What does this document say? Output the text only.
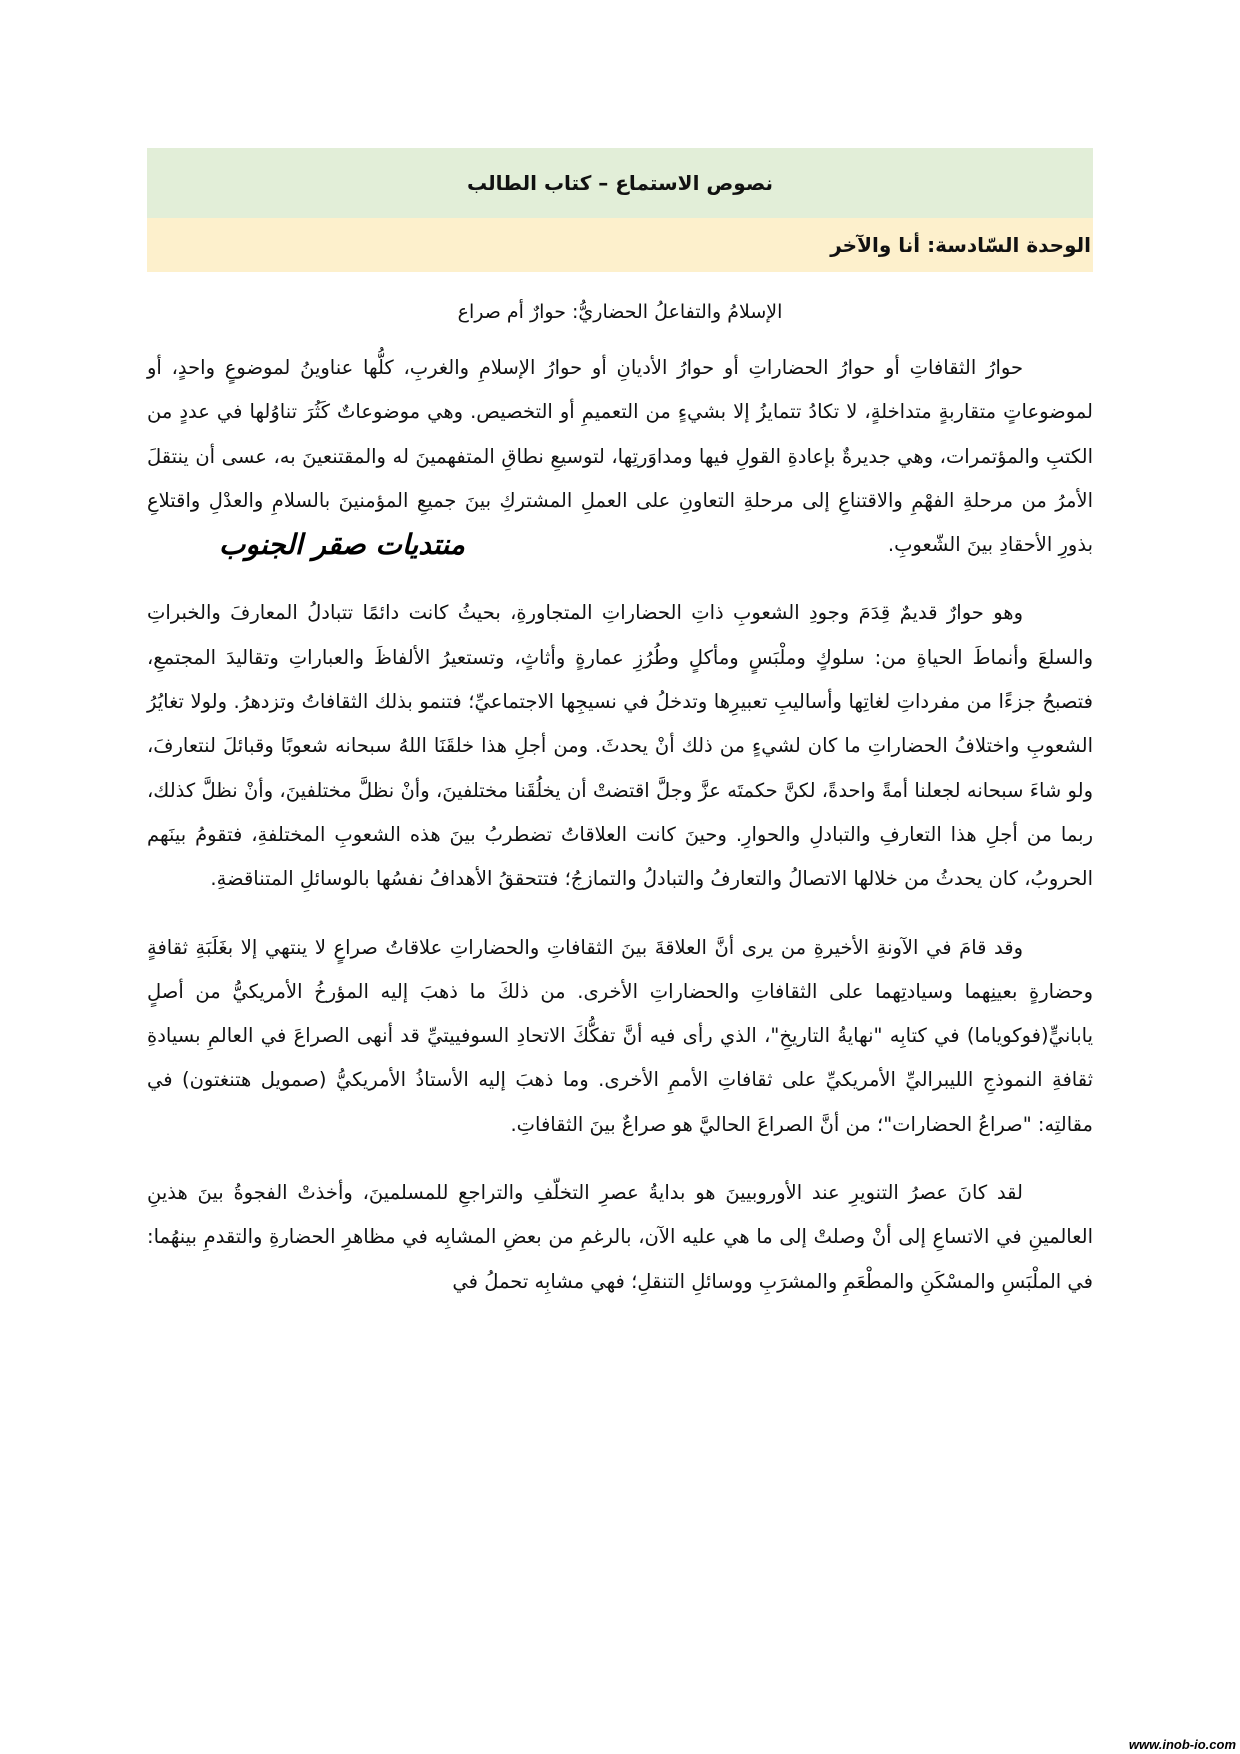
نصوص الاستماع – كتاب الطالب
الوحدة السّادسة: أنا والآخر
الإسلامُ والتفاعلُ الحضاريُّ: حوارٌ أم صراع

حوارُ الثقافاتِ أو حوارُ الحضاراتِ أو حوارُ الأديانِ أو حوارُ الإسلامِ والغربِ، كلُّها عناوينُ لموضوعٍ واحدٍ، أو لموضوعاتٍ متقاربةٍ متداخلةٍ، لا تكادُ تتمايزُ إلا بشيءٍ من التعميمِ أو التخصيص. وهي موضوعاتٌ كَثُرَ تناوُلها في عددٍ من الكتبِ والمؤتمرات، وهي جديرةٌ بإعادةِ القولِ فيها ومداوَرتِها، لتوسيعِ نطاقِ المتفهمينَ له والمقتنعينَ به، عسى أن ينتقلَ الأمرُ من مرحلةِ الفهْمِ والاقتناعِ إلى مرحلةِ التعاونِ على العملِ المشتركِ بينَ جميعِ المؤمنينَ بالسلامِ والعدْلِ واقتلاعِ بذورِ الأحقادِ بينَ الشّعوبِ.
منتديات صقر الجنوب

وهو حوارٌ قديمٌ قِدَمَ وجودِ الشعوبِ ذاتِ الحضاراتِ المتجاورةِ، بحيثُ كانت دائمًا تتبادلُ المعارفَ والخبراتِ والسلعَ وأنماطَ الحياةِ من: سلوكٍ وملْبَسٍ ومأكلٍ وطُرُزِ عمارةٍ وأثاثٍ، وتستعيرُ الألفاظَ والعباراتِ وتقاليدَ المجتمعِ، فتصبحُ جزءًا من مفرداتِ لغاتِها وأساليبِ تعبيرِها وتدخلُ في نسيجِها الاجتماعيِّ؛ فتنمو بذلك الثقافاتُ وتزدهرُ. ولولا تغايُرُ الشعوبِ واختلافُ الحضاراتِ ما كان لشيءٍ من ذلك أنْ يحدثَ. ومن أجلِ هذا خلقَنَا اللهُ سبحانه شعوبًا وقبائلَ لنتعارفَ، ولو شاءَ سبحانه لجعلنا أمةً واحدةً، لكنَّ حكمتَه عزَّ وجلَّ اقتضتْ أن يخلُقَنا مختلفينَ، وأنْ نظلَّ مختلفينَ، وأنْ نظلَّ كذلك، ربما من أجلِ هذا التعارفِ والتبادلِ والحوارِ. وحينَ كانت العلاقاتُ تضطربُ بينَ هذه الشعوبِ المختلفةِ، فتقومُ بينَهم الحروبُ، كان يحدثُ من خلالها الاتصالُ والتعارفُ والتبادلُ والتمازجُ؛ فتتحققُ الأهدافُ نفسُها بالوسائلِ المتناقضةِ.

وقد قامَ في الآونةِ الأخيرةِ من يرى أنَّ العلاقةَ بينَ الثقافاتِ والحضاراتِ علاقاتُ صراعٍ لا ينتهي إلا بغَلَبَةِ ثقافةٍ وحضارةٍ بعينِهما وسيادتِهما على الثقافاتِ والحضاراتِ الأخرى. من ذلكَ ما ذهبَ إليه المؤرخُ الأمريكيُّ من أصلٍ يابانيٍّ(فوكوياما) في كتابِه "نهايةُ التاريخِ"، الذي رأى فيه أنَّ تفكُّكَ الاتحادِ السوفييتيِّ قد أنهى الصراعَ في العالمِ بسيادةِ ثقافةِ النموذجِ الليبراليِّ الأمريكيِّ على ثقافاتِ الأممِ الأخرى. وما ذهبَ إليه الأستاذُ الأمريكيُّ (صمويل هتنغتون) في مقالتِه: "صراعُ الحضارات"؛ من أنَّ الصراعَ الحاليَّ هو صراعٌ بينَ الثقافاتِ.

لقد كانَ عصرُ التنويرِ عند الأوروبيينَ هو بدايةُ عصرِ التخلّفِ والتراجعِ للمسلمينَ، وأخذتْ الفجوةُ بينَ هذينِ العالمينِ في الاتساعِ إلى أنْ وصلتْ إلى ما هي عليه الآن، بالرغمِ من بعضِ المشابِه في مظاهرِ الحضارةِ والتقدمِ بينهُما: في الملْبَسِ والمسْكَنِ والمطْعَمِ والمشرَبِ ووسائلِ التنقلِ؛ فهي مشابِه تحملُ في

www.inob-io.com
